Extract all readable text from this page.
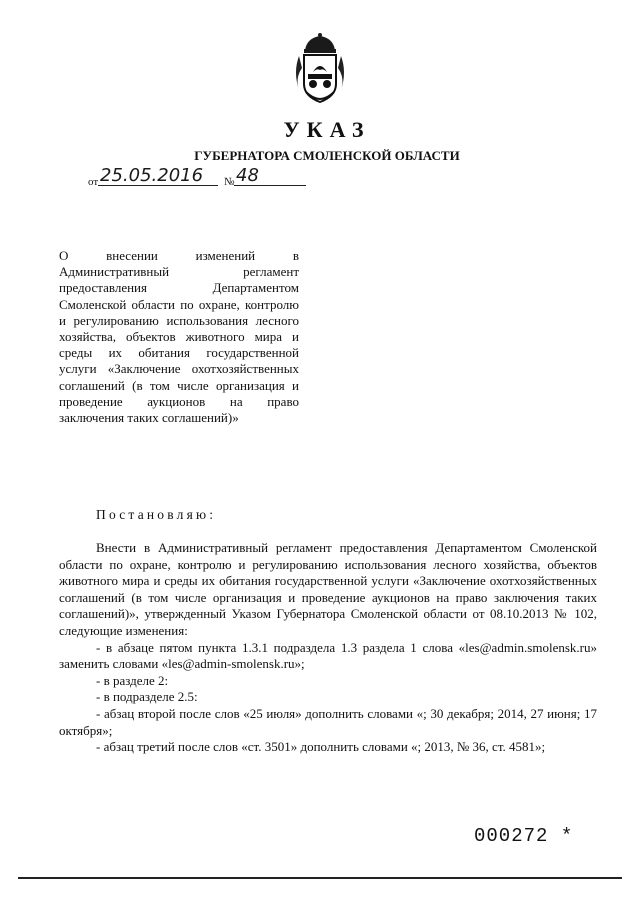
УКАЗ
ГУБЕРНАТОРА СМОЛЕНСКОЙ ОБЛАСТИ
от 25.05.2016	№ 48
О внесении изменений в Административный регламент предоставления Департаментом Смоленской области по охране, контролю и регулированию использования лесного хозяйства, объектов животного мира и среды их обитания государственной услуги «Заключение охотхозяйственных соглашений (в том числе организация и проведение аукционов на право заключения таких соглашений)»
Постановляю:

Внести в Административный регламент предоставления Департаментом Смоленской области по охране, контролю и регулированию использования лесного хозяйства, объектов животного мира и среды их обитания государственной услуги «Заключение охотхозяйственных соглашений (в том числе организация и проведение аукционов на право заключения таких соглашений)», утвержденный Указом Губернатора Смоленской области от 08.10.2013 № 102, следующие изменения:

- в абзаце пятом пункта 1.3.1 подраздела 1.3 раздела 1 слова «les@admin.smolensk.ru» заменить словами «les@admin-smolensk.ru»;

- в разделе 2:

- в подразделе 2.5:

- абзац второй после слов «25 июля» дополнить словами «; 30 декабря; 2014, 27 июня; 17 октября»;

- абзац третий после слов «ст. 3501» дополнить словами «; 2013, № 36, ст. 4581»;

000272 *
